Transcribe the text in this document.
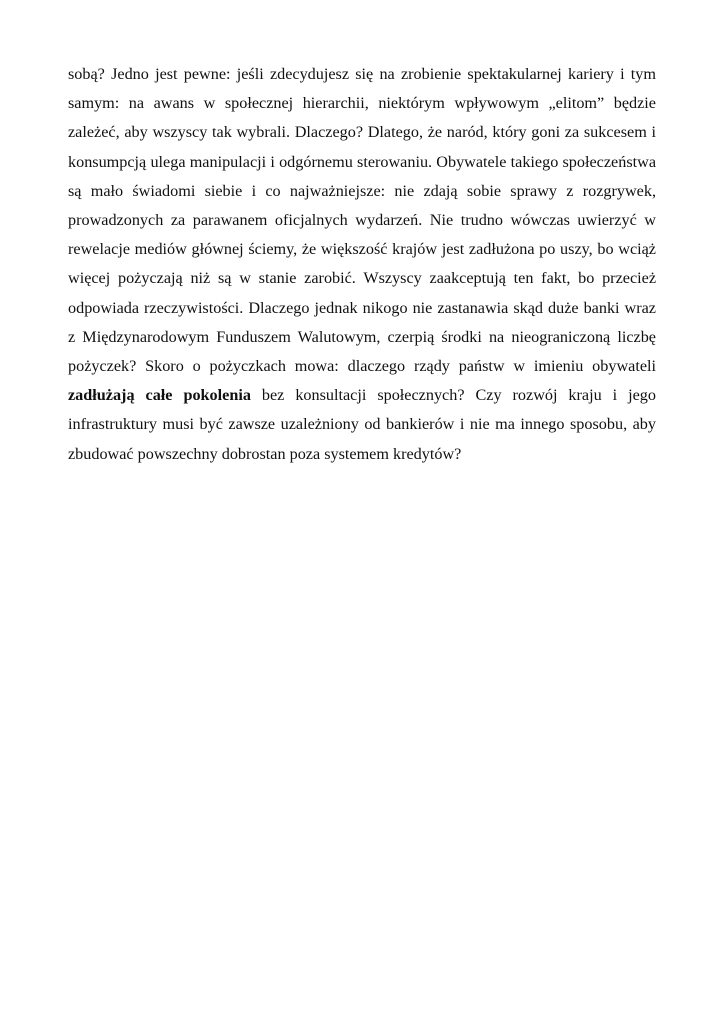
sobą? Jedno jest pewne: jeśli zdecydujesz się na zrobienie spektakularnej kariery i tym samym: na awans w społecznej hierarchii, niektórym wpływowym „elitom” będzie zależeć, aby wszyscy tak wybrali. Dlaczego? Dlatego, że naród, który goni za sukcesem i konsumpcją ulega manipulacji i odgórnemu sterowaniu. Obywatele takiego społeczeństwa są mało świadomi siebie i co najważniejsze: nie zdają sobie sprawy z rozgrywek, prowadzonych za parawanem oficjalnych wydarzeń. Nie trudno wówczas uwierzyć w rewelacje mediów głównej ściemy, że większość krajów jest zadłużona po uszy, bo wciąż więcej pożyczają niż są w stanie zarobić. Wszyscy zaakceptują ten fakt, bo przecież odpowiada rzeczywistości. Dlaczego jednak nikogo nie zastanawia skąd duże banki wraz z Międzynarodowym Funduszem Walutowym, czerpią środki na nieograniczoną liczbę pożyczek? Skoro o pożyczkach mowa: dlaczego rządy państw w imieniu obywateli zadłużają całe pokolenia bez konsultacji społecznych? Czy rozwój kraju i jego infrastruktury musi być zawsze uzależniony od bankierów i nie ma innego sposobu, aby zbudować powszechny dobrostan poza systemem kredytów?
